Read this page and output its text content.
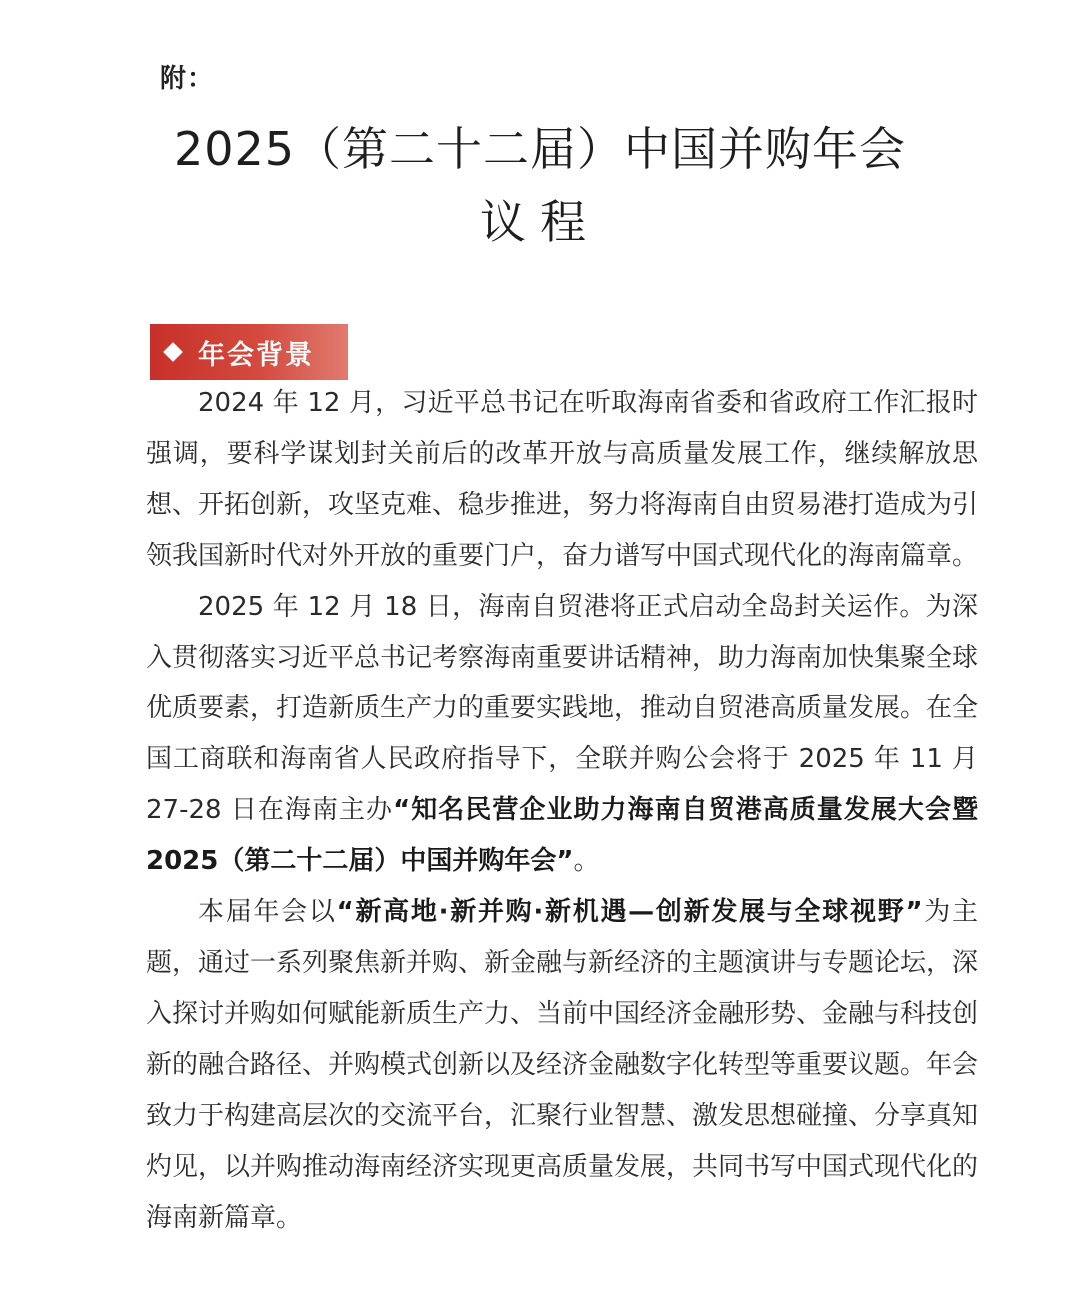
附：
2025（第二十二届）中国并购年会
议程
年会背景

2024 年 12 月，习近平总书记在听取海南省委和省政府工作汇报时强调，要科学谋划封关前后的改革开放与高质量发展工作，继续解放思想、开拓创新，攻坚克难、稳步推进，努力将海南自由贸易港打造成为引领我国新时代对外开放的重要门户，奋力谱写中国式现代化的海南篇章。

2025 年 12 月 18 日，海南自贸港将正式启动全岛封关运作。为深入贯彻落实习近平总书记考察海南重要讲话精神，助力海南加快集聚全球优质要素，打造新质生产力的重要实践地，推动自贸港高质量发展。在全国工商联和海南省人民政府指导下，全联并购公会将于 2025 年 11 月 27-28 日在海南主办“知名民营企业助力海南自贸港高质量发展大会暨 2025（第二十二届）中国并购年会”。

本届年会以“新高地·新并购·新机遇—创新发展与全球视野”为主题，通过一系列聚焦新并购、新金融与新经济的主题演讲与专题论坛，深入探讨并购如何赋能新质生产力、当前中国经济金融形势、金融与科技创新的融合路径、并购模式创新以及经济金融数字化转型等重要议题。年会致力于构建高层次的交流平台，汇聚行业智慧、激发思想碰撞、分享真知灼见，以并购推动海南经济实现更高质量发展，共同书写中国式现代化的海南新篇章。
